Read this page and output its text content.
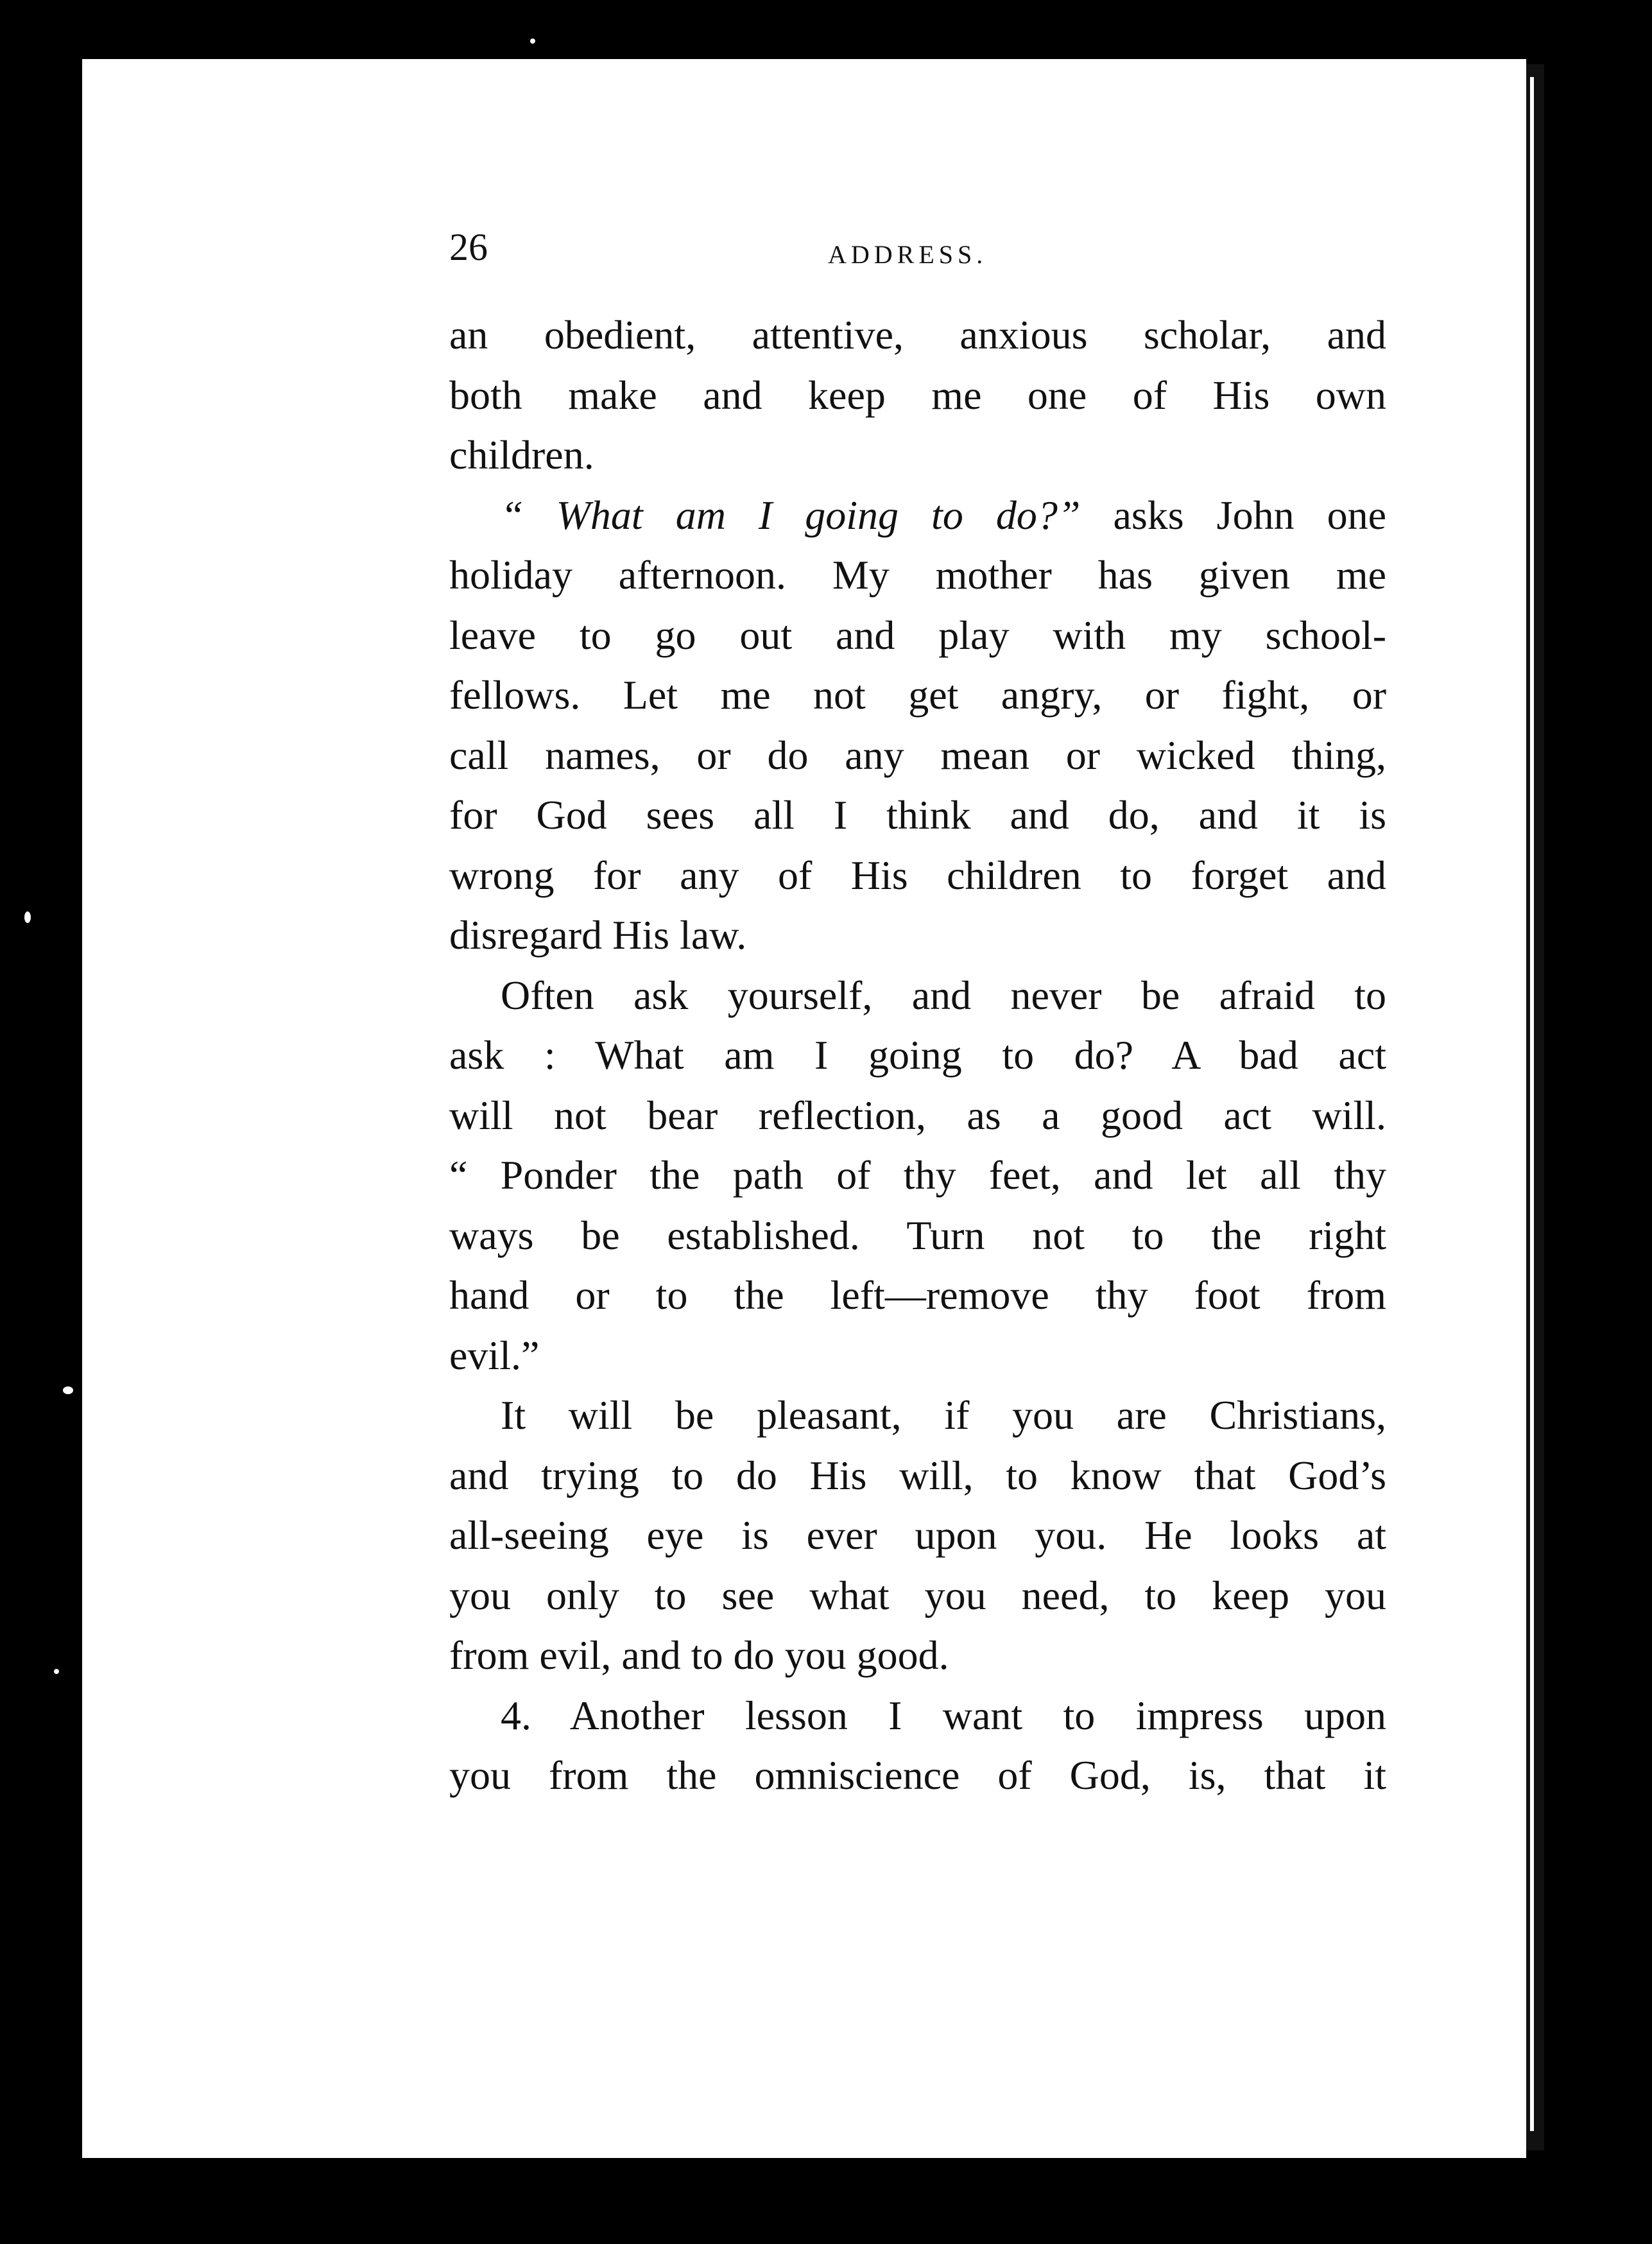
26	ADDRESS.
an obedient, attentive, anxious scholar, and
both make and keep me one of His own
children.
“ What am I going to do?” asks John one
holiday afternoon. My mother has given me
leave to go out and play with my school-
fellows. Let me not get angry, or fight, or
call names, or do any mean or wicked thing,
for God sees all I think and do, and it is
wrong for any of His children to forget and
disregard His law.
Often ask yourself, and never be afraid to
ask : What am I going to do? A bad act
will not bear reflection, as a good act will.
“ Ponder the path of thy feet, and let all thy
ways be established. Turn not to the right
hand or to the left—remove thy foot from
evil.”
It will be pleasant, if you are Christians,
and trying to do His will, to know that God’s
all-seeing eye is ever upon you. He looks at
you only to see what you need, to keep you
from evil, and to do you good.
4. Another lesson I want to impress upon
you from the omniscience of God, is, that it
